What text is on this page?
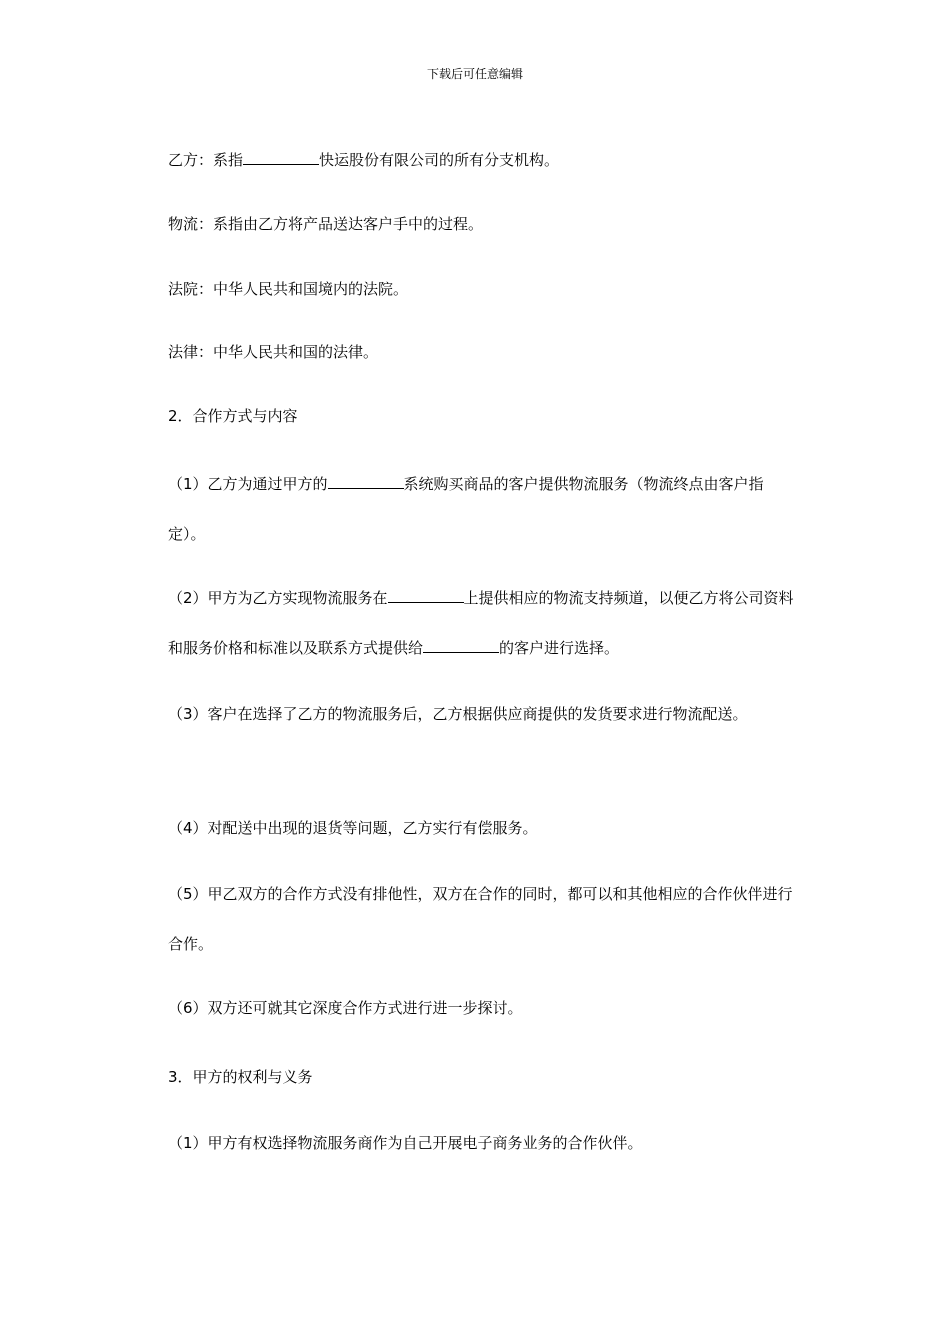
下载后可任意编辑
乙方：系指	快运股份有限公司的所有分支机构。
物流：系指由乙方将产品送达客户手中的过程。
法院：中华人民共和国境内的法院。
法律：中华人民共和国的法律。
2．合作方式与内容
（1）乙方为通过甲方的	系统购买商品的客户提供物流服务（物流终点由客户指定）。
（2）甲方为乙方实现物流服务在	上提供相应的物流支持频道，以便乙方将公司资料和服务价格和标准以及联系方式提供给	的客户进行选择。
（3）客户在选择了乙方的物流服务后，乙方根据供应商提供的发货要求进行物流配送。
（4）对配送中出现的退货等问题，乙方实行有偿服务。
（5）甲乙双方的合作方式没有排他性，双方在合作的同时，都可以和其他相应的合作伙伴进行合作。
（6）双方还可就其它深度合作方式进行进一步探讨。
3．甲方的权利与义务
（1）甲方有权选择物流服务商作为自己开展电子商务业务的合作伙伴。
